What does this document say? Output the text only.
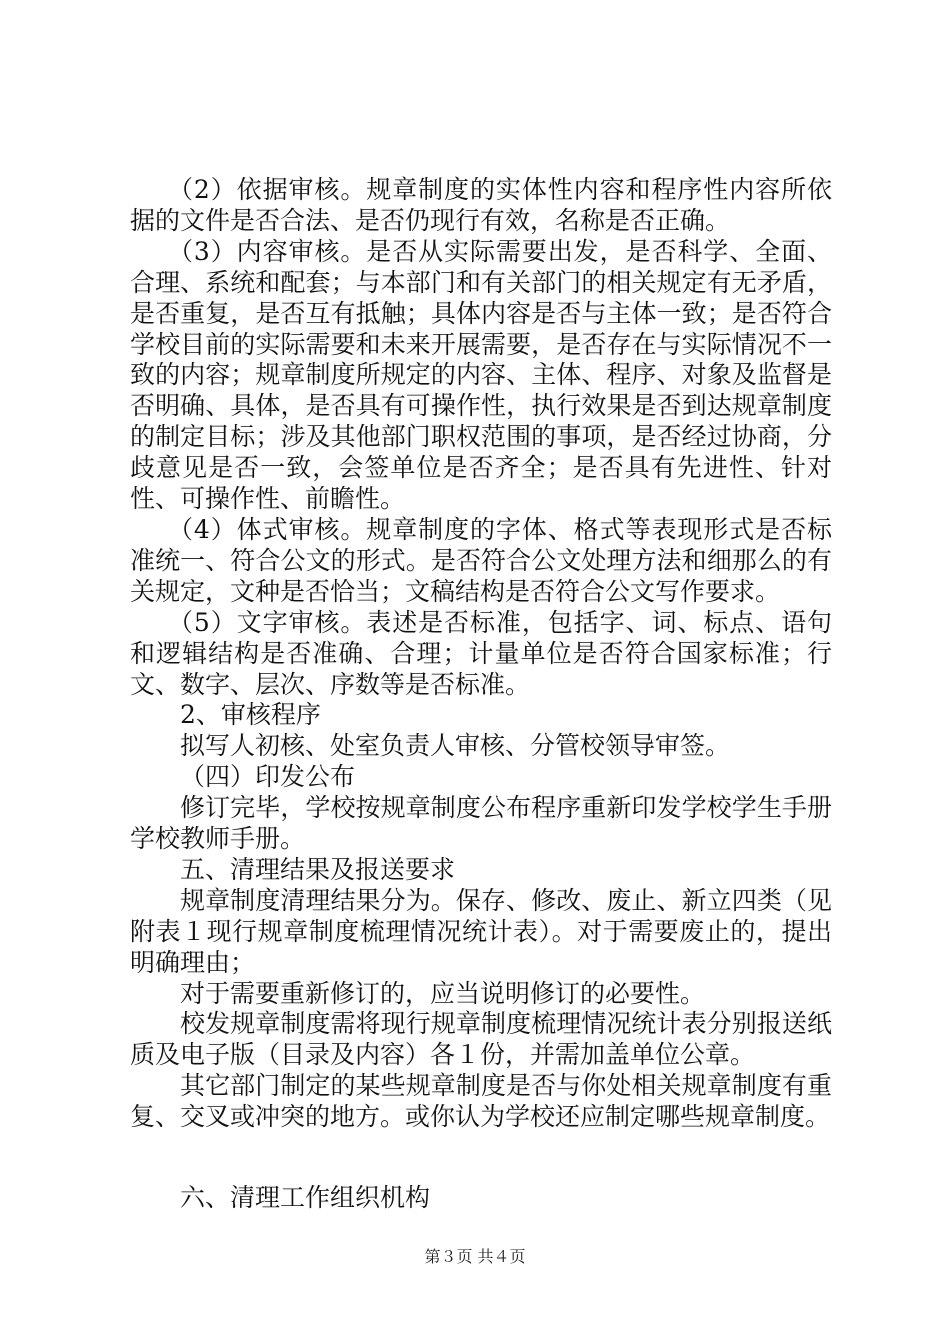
（2）依据审核。规章制度的实体性内容和程序性内容所依据的文件是否合法、是否仍现行有效，名称是否正确。

（3）内容审核。是否从实际需要出发，是否科学、全面、合理、系统和配套；与本部门和有关部门的相关规定有无矛盾，是否重复，是否互有抵触；具体内容是否与主体一致；是否符合学校目前的实际需要和未来开展需要，是否存在与实际情况不一致的内容；规章制度所规定的内容、主体、程序、对象及监督是否明确、具体，是否具有可操作性，执行效果是否到达规章制度的制定目标；涉及其他部门职权范围的事项，是否经过协商，分歧意见是否一致，会签单位是否齐全；是否具有先进性、针对性、可操作性、前瞻性。

（4）体式审核。规章制度的字体、格式等表现形式是否标准统一、符合公文的形式。是否符合公文处理方法和细那么的有关规定，文种是否恰当；文稿结构是否符合公文写作要求。

（5）文字审核。表述是否标准，包括字、词、标点、语句和逻辑结构是否准确、合理；计量单位是否符合国家标准；行文、数字、层次、序数等是否标准。

2、审核程序

拟写人初核、处室负责人审核、分管校领导审签。

（四）印发公布

修订完毕，学校按规章制度公布程序重新印发学校学生手册学校教师手册。

五、清理结果及报送要求

规章制度清理结果分为。保存、修改、废止、新立四类（见附表１现行规章制度梳理情况统计表）。对于需要废止的，提出明确理由；

对于需要重新修订的，应当说明修订的必要性。

校发规章制度需将现行规章制度梳理情况统计表分别报送纸质及电子版（目录及内容）各１份，并需加盖单位公章。

其它部门制定的某些规章制度是否与你处相关规章制度有重复、交叉或冲突的地方。或你认为学校还应制定哪些规章制度。

六、清理工作组织机构

第３页 共４页
